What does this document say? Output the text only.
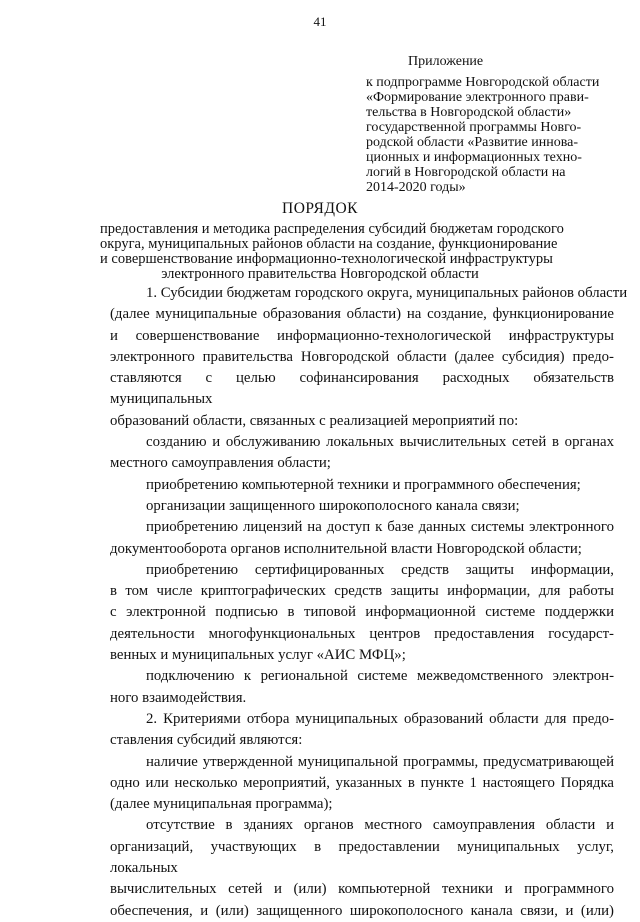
41
Приложение
к подпрограмме Новгородской области
«Формирование электронного прави-
тельства в Новгородской области»
государственной программы Новго-
родской области «Развитие иннова-
ционных и информационных техно-
логий в Новгородской области на
2014-2020 годы»
ПОРЯДОК
предоставления и методика распределения субсидий бюджетам городского
округа, муниципальных районов области на создание, функционирование
и совершенствование информационно-технологической инфраструктуры
электронного правительства Новгородской области
1. Субсидии бюджетам городского округа, муниципальных районов области
(далее муниципальные образования области) на создание, функционирование
и совершенствование информационно-технологической инфраструктуры
электронного правительства Новгородской области (далее субсидия) предо-
ставляются с целью софинансирования расходных обязательств муниципальных
образований области, связанных с реализацией мероприятий по:
созданию и обслуживанию локальных вычислительных сетей в органах
местного самоуправления области;
приобретению компьютерной техники и программного обеспечения;
организации защищенного широкополосного канала связи;
приобретению лицензий на доступ к базе данных системы электронного
документооборота органов исполнительной власти Новгородской области;
приобретению сертифицированных средств защиты информации,
в том числе криптографических средств защиты информации, для работы
с электронной подписью в типовой информационной системе поддержки
деятельности многофункциональных центров предоставления государст-
венных и муниципальных услуг «АИС МФЦ»;
подключению к региональной системе межведомственного электрон-
ного взаимодействия.
2. Критериями отбора муниципальных образований области для предо-
ставления субсидий являются:
наличие утвержденной муниципальной программы, предусматривающей
одно или несколько мероприятий, указанных в пункте 1 настоящего Порядка
(далее муниципальная программа);
отсутствие в зданиях органов местного самоуправления области и
организаций, участвующих в предоставлении муниципальных услуг, локальных
вычислительных сетей и (или) компьютерной техники и программного
обеспечения, и (или) защищенного широкополосного канала связи, и (или)
